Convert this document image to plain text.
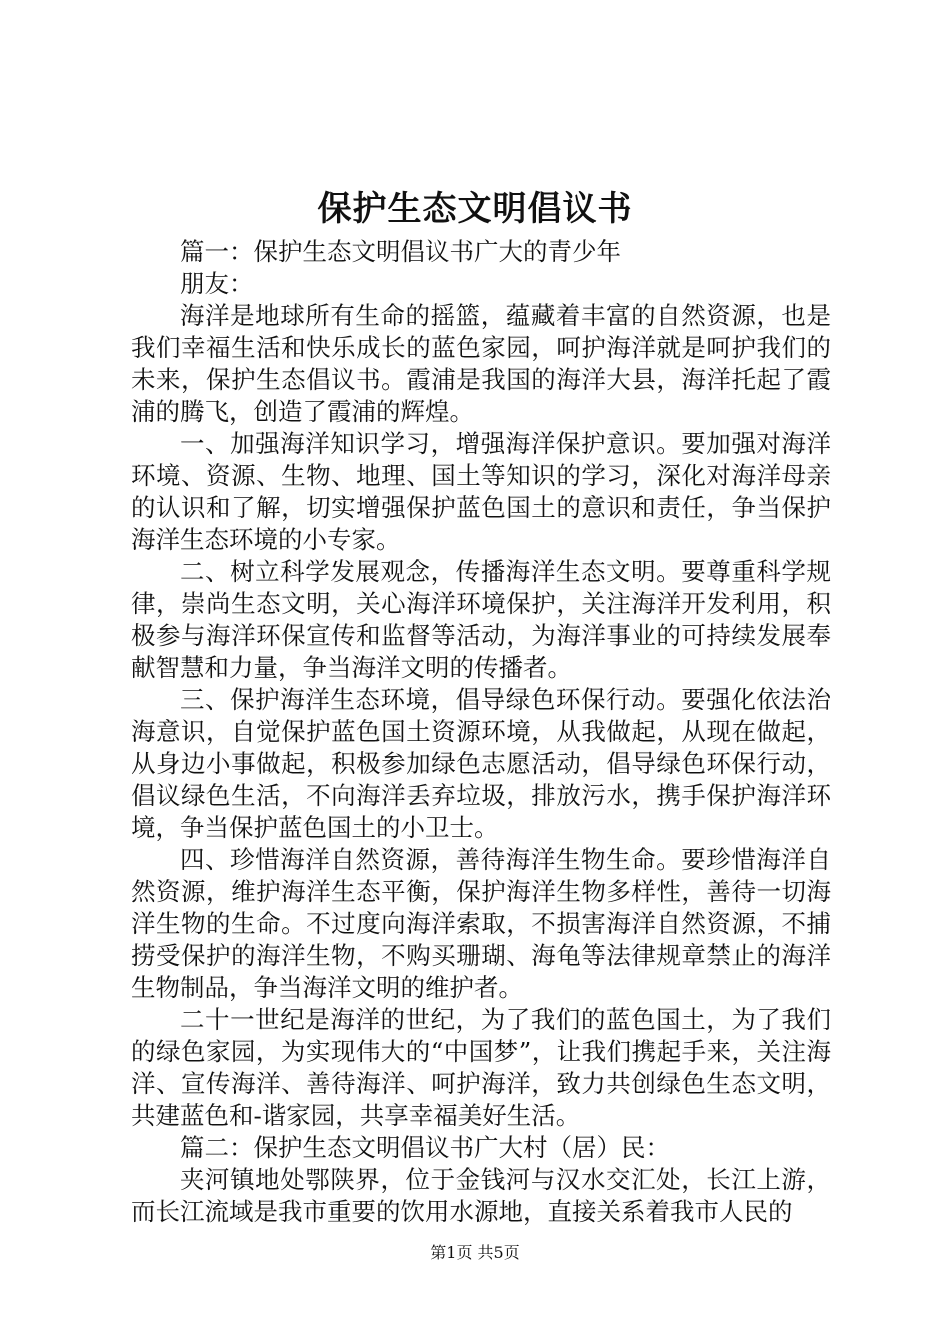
保护生态文明倡议书

篇一：保护生态文明倡议书广大的青少年

朋友：

海洋是地球所有生命的摇篮，蕴藏着丰富的自然资源，也是我们幸福生活和快乐成长的蓝色家园，呵护海洋就是呵护我们的未来，保护生态倡议书。霞浦是我国的海洋大县，海洋托起了霞浦的腾飞，创造了霞浦的辉煌。

一、加强海洋知识学习，增强海洋保护意识。要加强对海洋环境、资源、生物、地理、国土等知识的学习，深化对海洋母亲的认识和了解，切实增强保护蓝色国土的意识和责任，争当保护海洋生态环境的小专家。

二、树立科学发展观念，传播海洋生态文明。要尊重科学规律，崇尚生态文明，关心海洋环境保护，关注海洋开发利用，积极参与海洋环保宣传和监督等活动，为海洋事业的可持续发展奉献智慧和力量，争当海洋文明的传播者。

三、保护海洋生态环境，倡导绿色环保行动。要强化依法治海意识，自觉保护蓝色国土资源环境，从我做起，从现在做起，从身边小事做起，积极参加绿色志愿活动，倡导绿色环保行动，倡议绿色生活，不向海洋丢弃垃圾，排放污水，携手保护海洋环境，争当保护蓝色国土的小卫士。

四、珍惜海洋自然资源，善待海洋生物生命。要珍惜海洋自然资源，维护海洋生态平衡，保护海洋生物多样性，善待一切海洋生物的生命。不过度向海洋索取，不损害海洋自然资源，不捕捞受保护的海洋生物，不购买珊瑚、海龟等法律规章禁止的海洋生物制品，争当海洋文明的维护者。

二十一世纪是海洋的世纪，为了我们的蓝色国土，为了我们的绿色家园，为实现伟大的“中国梦”，让我们携起手来，关注海洋、宣传海洋、善待海洋、呵护海洋，致力共创绿色生态文明，共建蓝色和-谐家园，共享幸福美好生活。

篇二：保护生态文明倡议书广大村（居）民：

夹河镇地处鄂陕界，位于金钱河与汉水交汇处，长江上游，而长江流域是我市重要的饮用水源地，直接关系着我市人民的

第1页 共5页
